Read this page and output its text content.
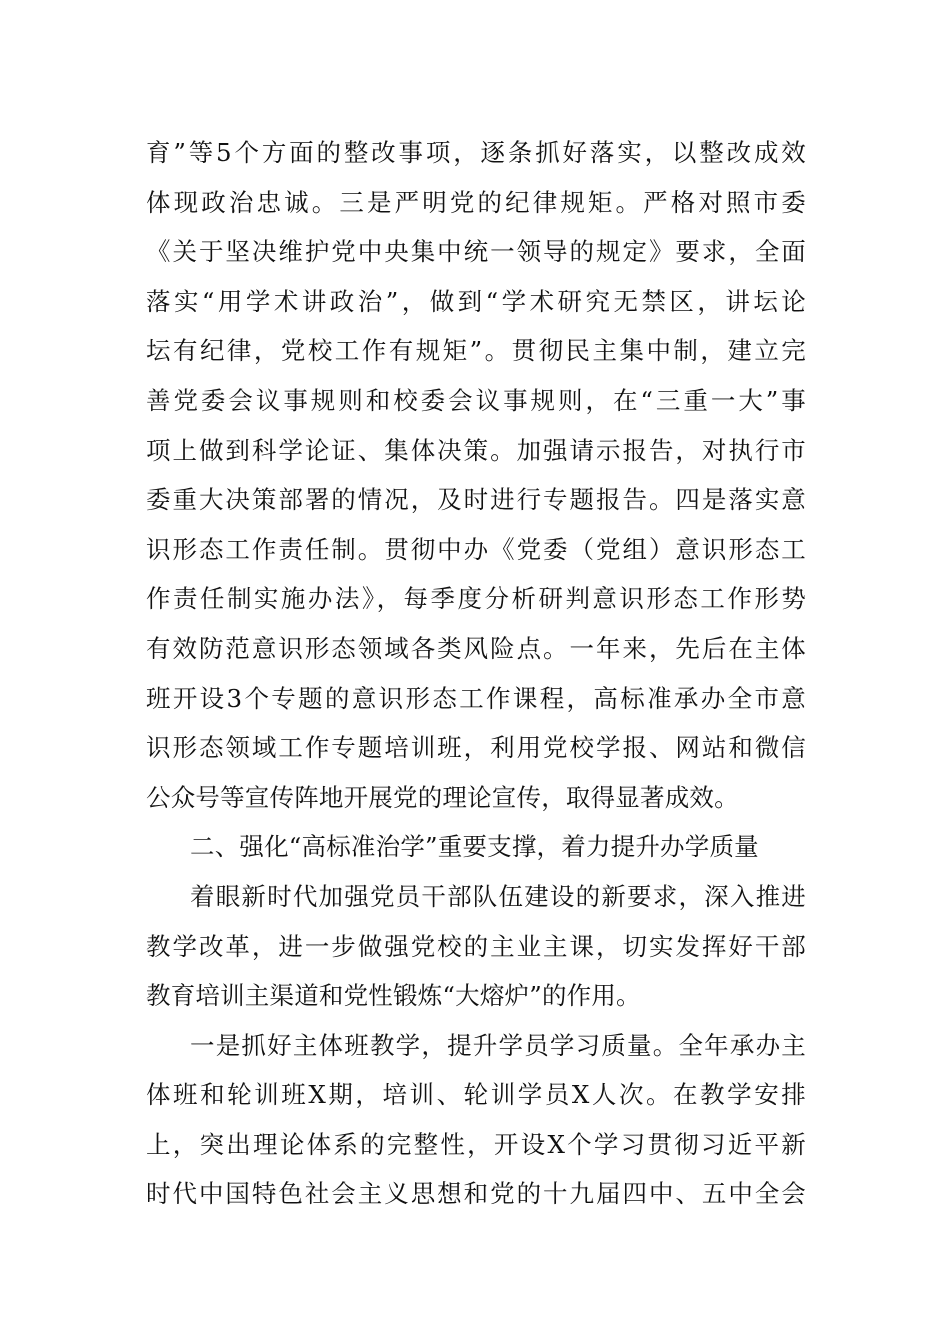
育”等5个方面的整改事项，逐条抓好落实，以整改成效
体现政治忠诚。三是严明党的纪律规矩。严格对照市委
《关于坚决维护党中央集中统一领导的规定》要求，全面
落实“用学术讲政治”，做到“学术研究无禁区，讲坛论
坛有纪律，党校工作有规矩”。贯彻民主集中制，建立完
善党委会议事规则和校委会议事规则，在“三重一大”事
项上做到科学论证、集体决策。加强请示报告，对执行市
委重大决策部署的情况，及时进行专题报告。四是落实意
识形态工作责任制。贯彻中办《党委（党组）意识形态工
作责任制实施办法》，每季度分析研判意识形态工作形势
有效防范意识形态领域各类风险点。一年来，先后在主体
班开设3个专题的意识形态工作课程，高标准承办全市意
识形态领域工作专题培训班，利用党校学报、网站和微信
公众号等宣传阵地开展党的理论宣传，取得显著成效。
二、强化“高标准治学”重要支撑，着力提升办学质量
着眼新时代加强党员干部队伍建设的新要求，深入推进
教学改革，进一步做强党校的主业主课，切实发挥好干部
教育培训主渠道和党性锻炼“大熔炉”的作用。
一是抓好主体班教学，提升学员学习质量。全年承办主
体班和轮训班X期，培训、轮训学员X人次。在教学安排
上，突出理论体系的完整性，开设X个学习贯彻习近平新
时代中国特色社会主义思想和党的十九届四中、五中全会
